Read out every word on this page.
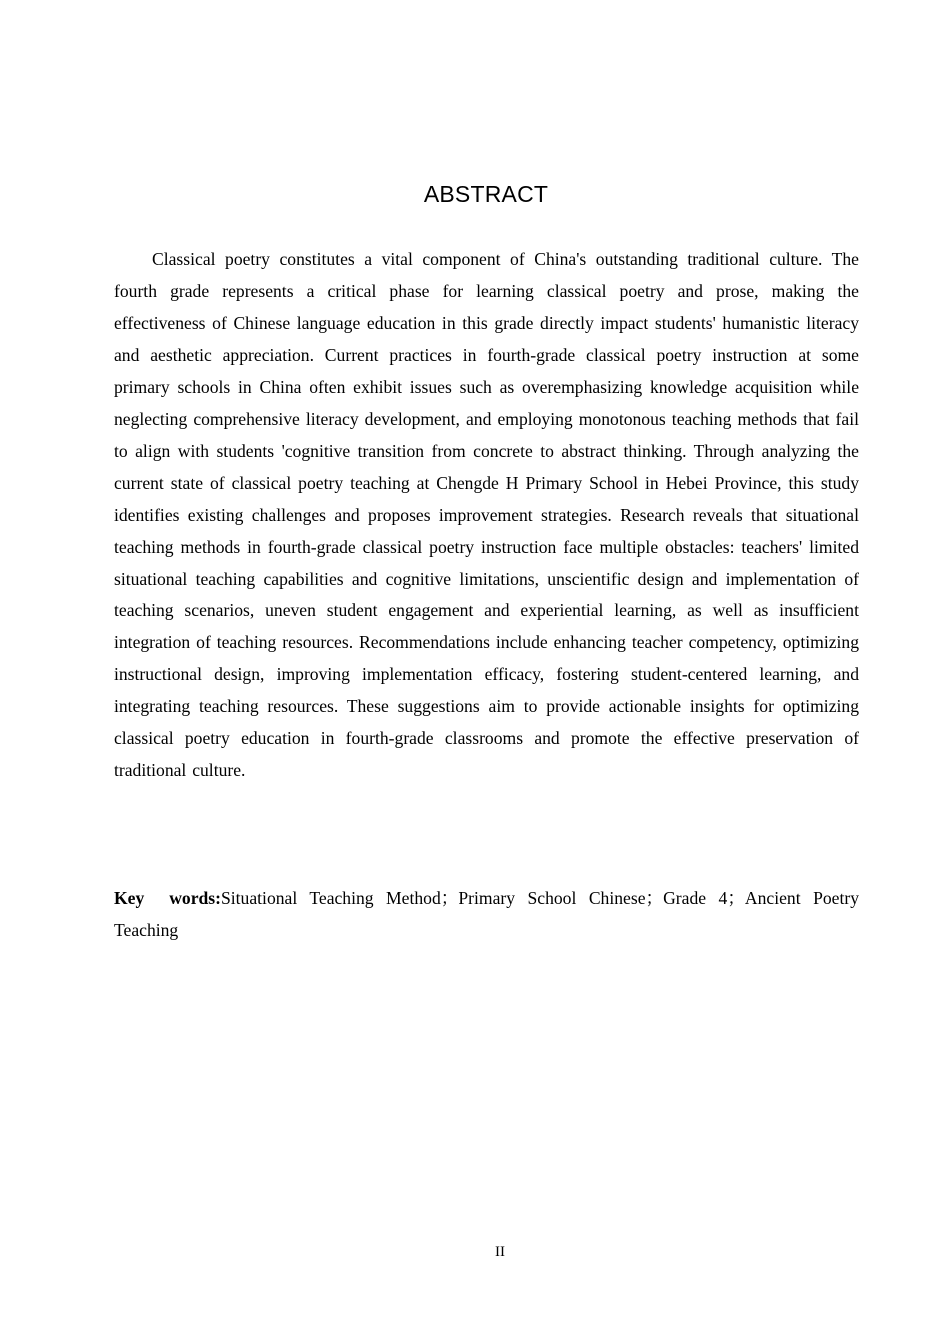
ABSTRACT

Classical poetry constitutes a vital component of China's outstanding traditional culture. The fourth grade represents a critical phase for learning classical poetry and prose, making the effectiveness of Chinese language education in this grade directly impact students' humanistic literacy and aesthetic appreciation. Current practices in fourth-grade classical poetry instruction at some primary schools in China often exhibit issues such as overemphasizing knowledge acquisition while neglecting comprehensive literacy development, and employing monotonous teaching methods that fail to align with students 'cognitive transition from concrete to abstract thinking. Through analyzing the current state of classical poetry teaching at Chengde H Primary School in Hebei Province, this study identifies existing challenges and proposes improvement strategies. Research reveals that situational teaching methods in fourth-grade classical poetry instruction face multiple obstacles: teachers' limited situational teaching capabilities and cognitive limitations, unscientific design and implementation of teaching scenarios, uneven student engagement and experiential learning, as well as insufficient integration of teaching resources. Recommendations include enhancing teacher competency, optimizing instructional design, improving implementation efficacy, fostering student-centered learning, and integrating teaching resources. These suggestions aim to provide actionable insights for optimizing classical poetry education in fourth-grade classrooms and promote the effective preservation of traditional culture.

Key  words:Situational Teaching Method；Primary School Chinese；Grade 4；Ancient Poetry Teaching

II
